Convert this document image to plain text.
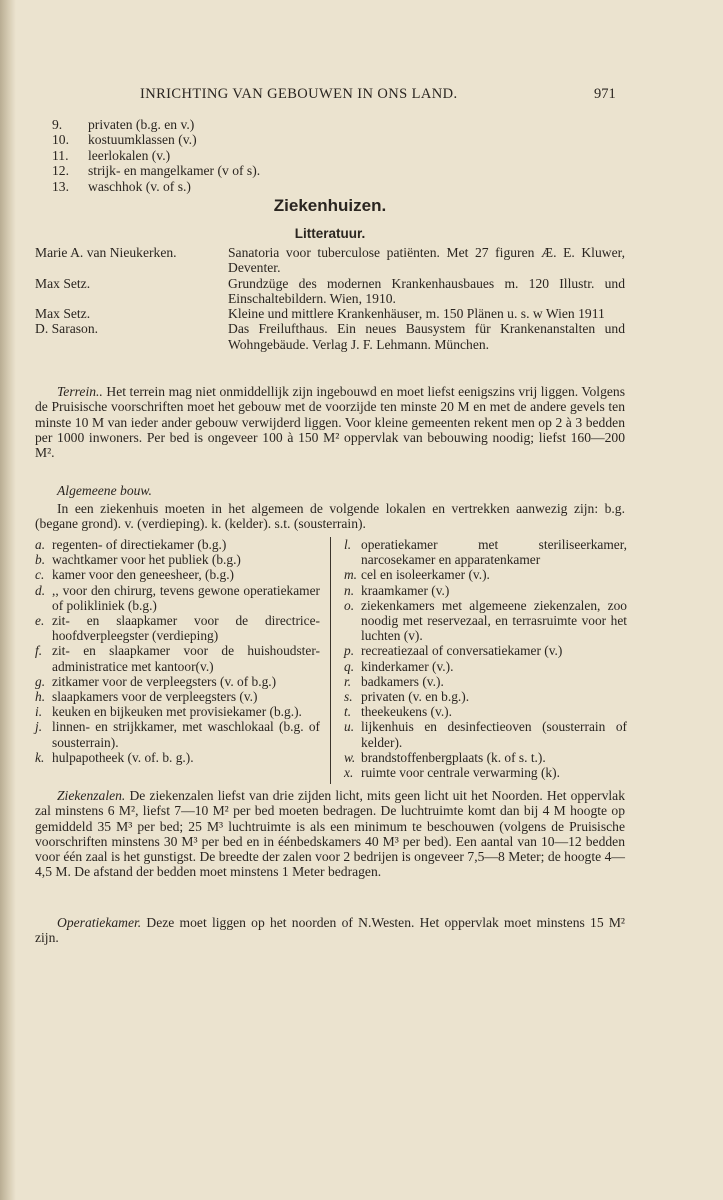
INRICHTING VAN GEBOUWEN IN ONS LAND.	971
9. privaten (b.g. en v.)
10. kostuumklassen (v.)
11. leerlokalen (v.)
12. strijk- en mangelkamer (v of s).
13. waschhok (v. of s.)
Ziekenhuizen.
Litteratuur.
Marie A. van Nieukerken.	Sanatoria voor tuberculose patiënten. Met 27 figuren Æ. E. Kluwer, Deventer.
Max Setz.	Grundzüge des modernen Krankenhausbaues m. 120 Illustr. und Einschaltebildern. Wien, 1910.
Max Setz.	Kleine und mittlere Krankenhäuser, m. 150 Plänen u. s. w Wien 1911
D. Sarason.	Das Freilufthaus. Ein neues Bausystem für Krankenanstalten und Wohngebäude. Verlag J. F. Lehmann. München.
Terrein.. Het terrein mag niet onmiddellijk zijn ingebouwd en moet liefst eenigszins vrij liggen. Volgens de Pruisische voorschriften moet het gebouw met de voorzijde ten minste 20 M en met de andere gevels ten minste 10 M van ieder ander gebouw verwijderd liggen. Voor kleine gemeenten rekent men op 2 à 3 bedden per 1000 inwoners. Per bed is ongeveer 100 à 150 M² oppervlak van bebouwing noodig; liefst 160—200 M².
Algemeene bouw.
In een ziekenhuis moeten in het algemeen de volgende lokalen en vertrekken aanwezig zijn: b.g. (begane grond). v. (verdieping). k. (kelder). s.t. (sousterrain).
a. regenten- of directiekamer (b.g.)
b. wachtkamer voor het publiek (b.g.)
c. kamer voor den geneesheer, (b.g.)
d. ,, voor den chirurg, tevens gewone operatiekamer of polikliniek (b.g.)
e. zit- en slaapkamer voor de directrice-hoofdverpleegster (verdieping)
f. zit- en slaapkamer voor de huishoudster-administratice met kantoor(v.)
g. zitkamer voor de verpleegsters (v. of b.g.)
h. slaapkamers voor de verpleegsters (v.)
i. keuken en bijkeuken met provisiekamer (b.g.).
j. linnen- en strijkkamer, met waschlokaal (b.g. of sousterrain).
k. hulpapotheek (v. of. b. g.).
l. operatiekamer met steriliseerkamer, narcosekamer en apparatenkamer
m. cel en isoleerkamer (v.).
n. kraamkamer (v.)
o. ziekenkamers met algemeene ziekenzalen, zoo noodig met reservezaal, en terrasruimte voor het luchten (v).
p. recreatiezaal of conversatiekamer (v.)
q. kinderkamer (v.).
r. badkamers (v.).
s. privaten (v. en b.g.).
t. theekeukens (v.).
u. lijkenhuis en desinfectieoven (sousterrain of kelder).
w. brandstoffenbergplaats (k. of s. t.).
x. ruimte voor centrale verwarming (k).
Ziekenzalen. De ziekenzalen liefst van drie zijden licht, mits geen licht uit het Noorden. Het oppervlak zal minstens 6 M², liefst 7—10 M² per bed moeten bedragen. De luchtruimte komt dan bij 4 M hoogte op gemiddeld 35 M³ per bed; 25 M³ luchtruimte is als een minimum te beschouwen (volgens de Pruisische voorschriften minstens 30 M³ per bed en in éénbedskamers 40 M³ per bed). Een aantal van 10—12 bedden voor één zaal is het gunstigst. De breedte der zalen voor 2 bedrijen is ongeveer 7,5—8 Meter; de hoogte 4—4,5 M. De afstand der bedden moet minstens 1 Meter bedragen.
Operatiekamer. Deze moet liggen op het noorden of N.Westen. Het oppervlak moet minstens 15 M² zijn.
